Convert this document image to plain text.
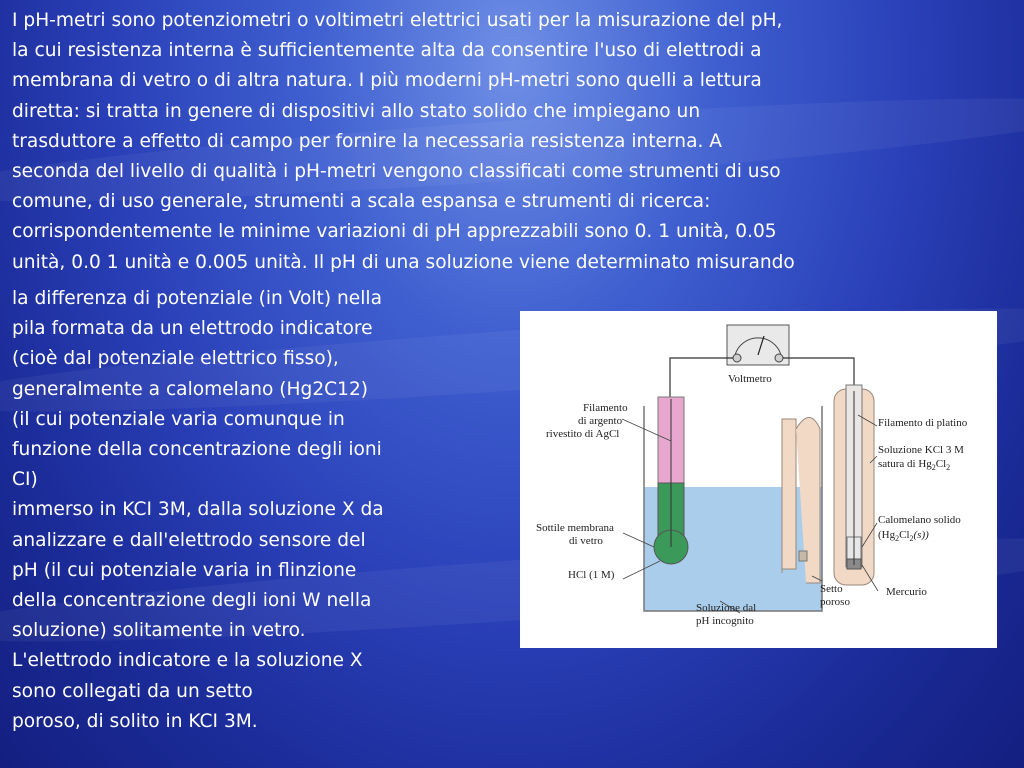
I pH-metri sono potenziometri o voltimetri elettrici usati per la misurazione del pH,
la cui resistenza interna è sufficientemente alta da consentire l'uso di elettrodi a
membrana di vetro o di altra natura. I più moderni pH-metri sono quelli a lettura
diretta: si tratta in genere di dispositivi allo stato solido che impiegano un
trasduttore a effetto di campo per fornire la necessaria resistenza interna. A
seconda del livello di qualità i pH-metri vengono classificati come strumenti di uso
comune, di uso generale, strumenti a scala espansa e strumenti di ricerca:
corrispondentemente le minime variazioni di pH apprezzabili sono 0. 1 unità, 0.05
unità, 0.0 1 unità e 0.005 unità. Il pH di una soluzione viene determinato misurando

la differenza di potenziale (in Volt) nella
pila formata da un elettrodo indicatore
(cioè dal potenziale elettrico fisso),
generalmente a calomelano (Hg2C12)
(il cui potenziale varia comunque in
funzione della concentrazione degli ioni
CI)
immerso in KCI 3M, dalla soluzione X da
analizzare e dall'elettrodo sensore del
pH (il cui potenziale varia in flinzione
della concentrazione degli ioni W nella
soluzione) solitamente in vetro.
L'elettrodo indicatore e la soluzione X
sono collegati da un setto
poroso, di solito in KCI 3M.

Voltmetro
Filamento
di argento
rivestito di AgCl
Sottile membrana
di vetro
HCl (1 M)
Soluzione dal
pH incognito
Setto
poroso
Filamento di platino
Soluzione KCl 3 M
satura di $Hg_2Cl_2$
Calomelano solido
$(Hg_2Cl_2(s))$
Mercurio
